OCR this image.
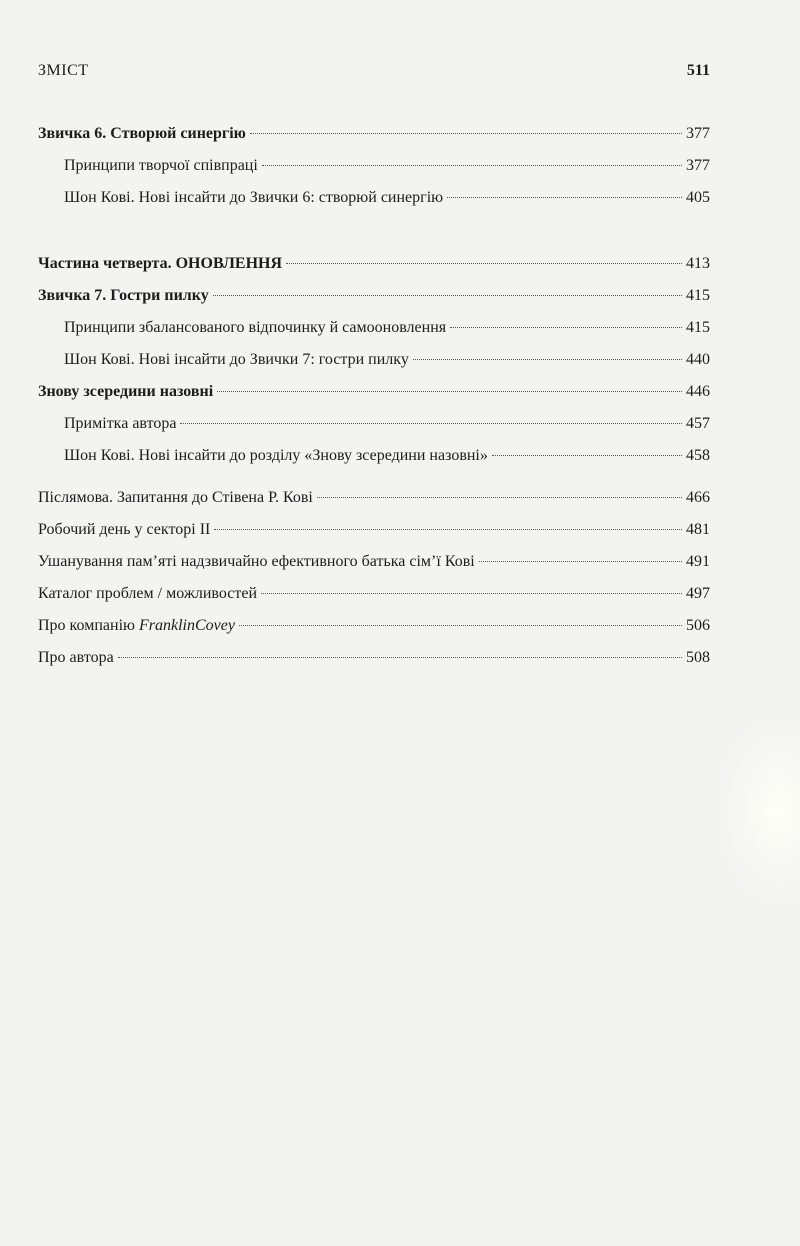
ЗМІСТ	511
Звичка 6. Створюй синергію	377
Принципи творчої співпраці	377
Шон Кові. Нові інсайти до Звички 6: створюй синергію	405
Частина четверта. ОНОВЛЕННЯ	413
Звичка 7. Гостри пилку	415
Принципи збалансованого відпочинку й самооновлення	415
Шон Кові. Нові інсайти до Звички 7: гостри пилку	440
Знову зсередини назовні	446
Примітка автора	457
Шон Кові. Нові інсайти до розділу «Знову зсередини назовні»	458
Післямова. Запитання до Стівена Р. Кові	466
Робочий день у секторі ІІ	481
Ушанування пам’яті надзвичайно ефективного батька сім’ї Кові	491
Каталог проблем / можливостей	497
Про компанію FranklinCovey	506
Про автора	508
